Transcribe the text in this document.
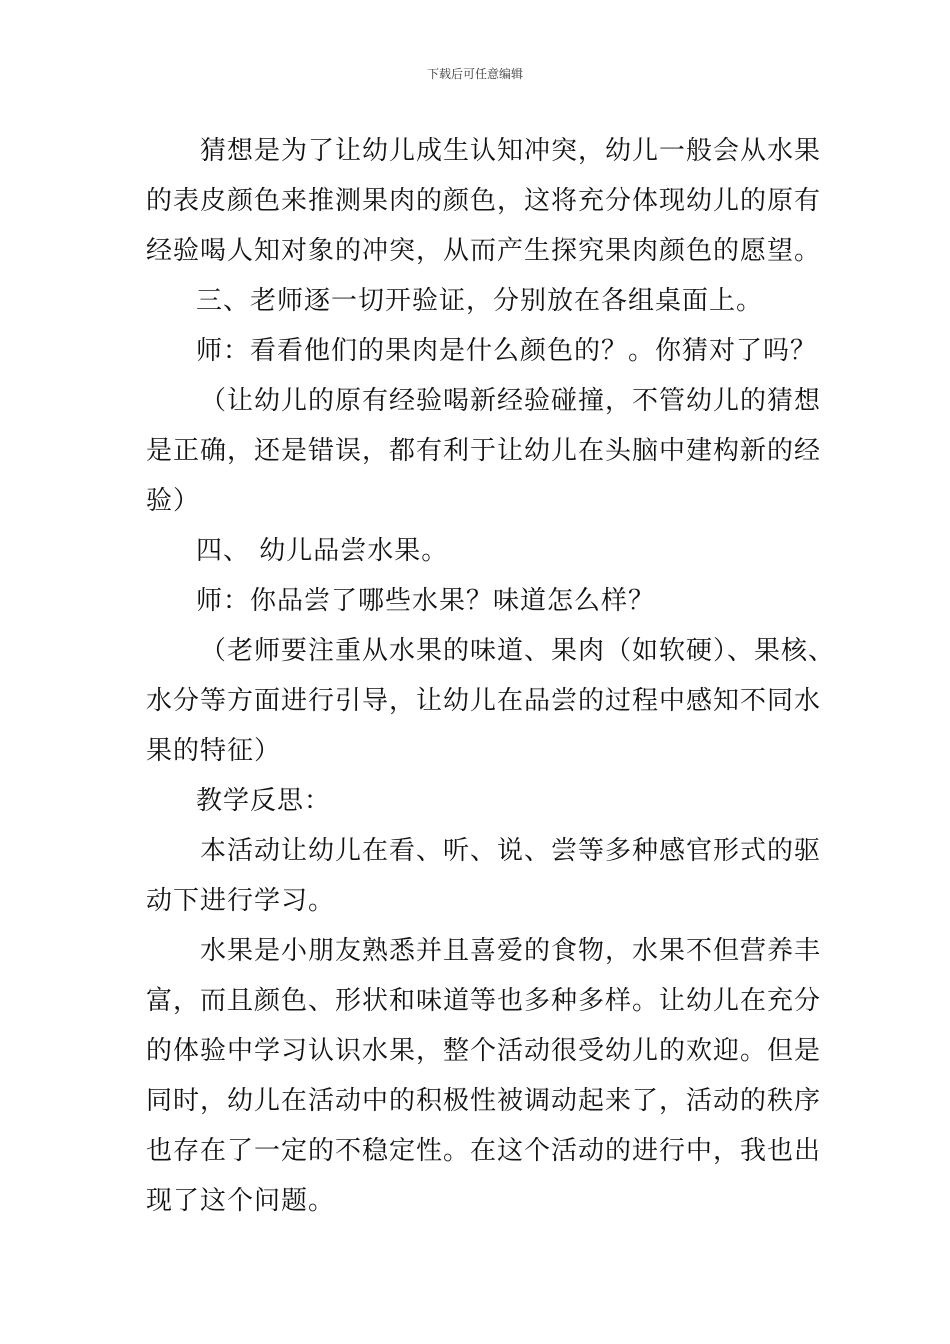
下载后可任意编辑
猜想是为了让幼儿成生认知冲突，幼儿一般会从水果
的表皮颜色来推测果肉的颜色，这将充分体现幼儿的原有
经验喝人知对象的冲突，从而产生探究果肉颜色的愿望。
三、老师逐一切开验证，分别放在各组桌面上。
师：看看他们的果肉是什么颜色的？。你猜对了吗？
（让幼儿的原有经验喝新经验碰撞，不管幼儿的猜想
是正确，还是错误，都有利于让幼儿在头脑中建构新的经
验）
四、 幼儿品尝水果。
师：你品尝了哪些水果？味道怎么样？
（老师要注重从水果的味道、果肉（如软硬）、果核、
水分等方面进行引导，让幼儿在品尝的过程中感知不同水
果的特征）
教学反思：
本活动让幼儿在看、听、说、尝等多种感官形式的驱
动下进行学习。
水果是小朋友熟悉并且喜爱的食物，水果不但营养丰
富，而且颜色、形状和味道等也多种多样。让幼儿在充分
的体验中学习认识水果，整个活动很受幼儿的欢迎。但是
同时，幼儿在活动中的积极性被调动起来了，活动的秩序
也存在了一定的不稳定性。在这个活动的进行中，我也出
现了这个问题。
